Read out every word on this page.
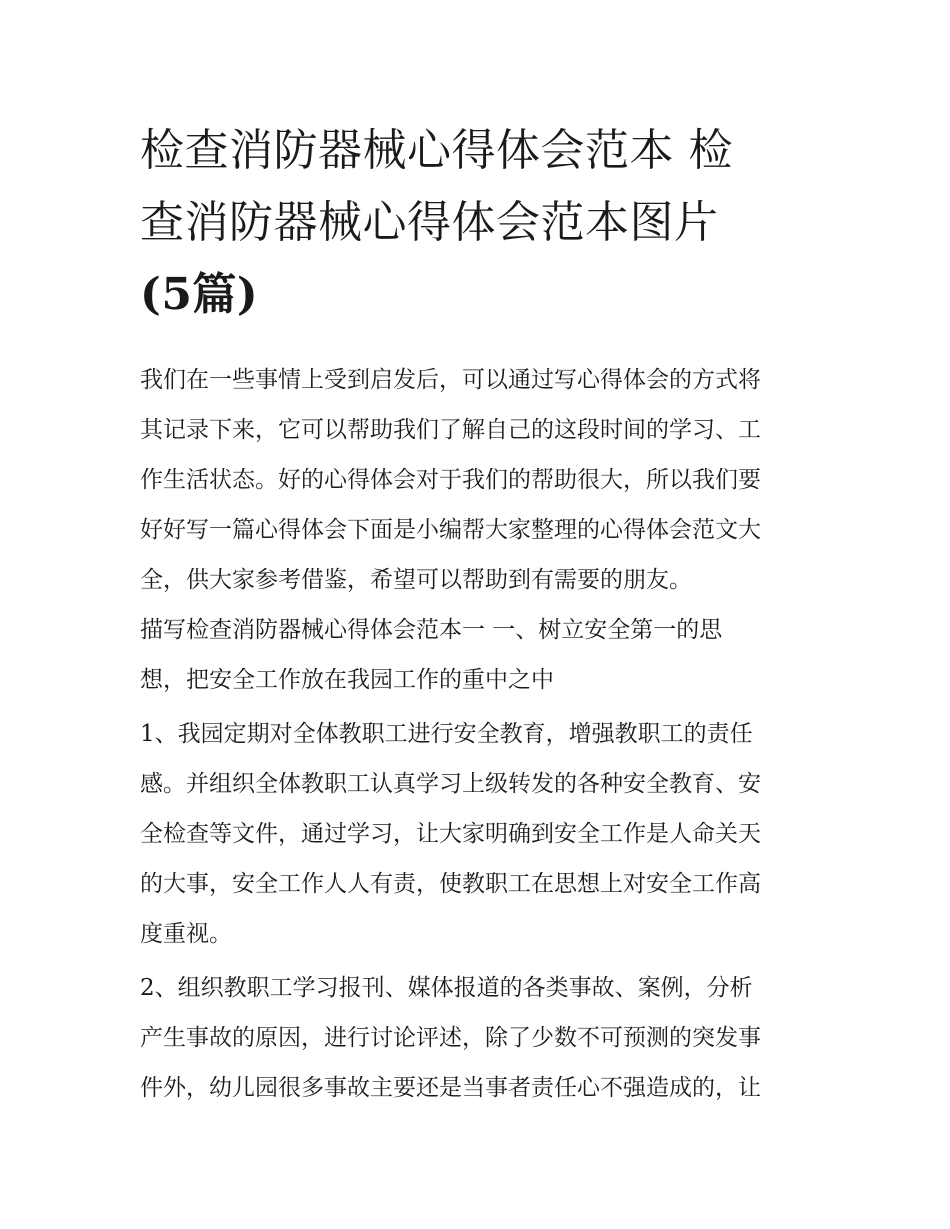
检查消防器械心得体会范本 检
查消防器械心得体会范本图片
(5篇)
我们在一些事情上受到启发后，可以通过写心得体会的方式将
其记录下来，它可以帮助我们了解自己的这段时间的学习、工
作生活状态。好的心得体会对于我们的帮助很大，所以我们要
好好写一篇心得体会下面是小编帮大家整理的心得体会范文大
全，供大家参考借鉴，希望可以帮助到有需要的朋友。
描写检查消防器械心得体会范本一 一、树立安全第一的思
想，把安全工作放在我园工作的重中之中
1、我园定期对全体教职工进行安全教育，增强教职工的责任
感。并组织全体教职工认真学习上级转发的各种安全教育、安
全检查等文件，通过学习，让大家明确到安全工作是人命关天
的大事，安全工作人人有责，使教职工在思想上对安全工作高
度重视。
2、组织教职工学习报刊、媒体报道的各类事故、案例，分析
产生事故的原因，进行讨论评述，除了少数不可预测的突发事
件外，幼儿园很多事故主要还是当事者责任心不强造成的，让
